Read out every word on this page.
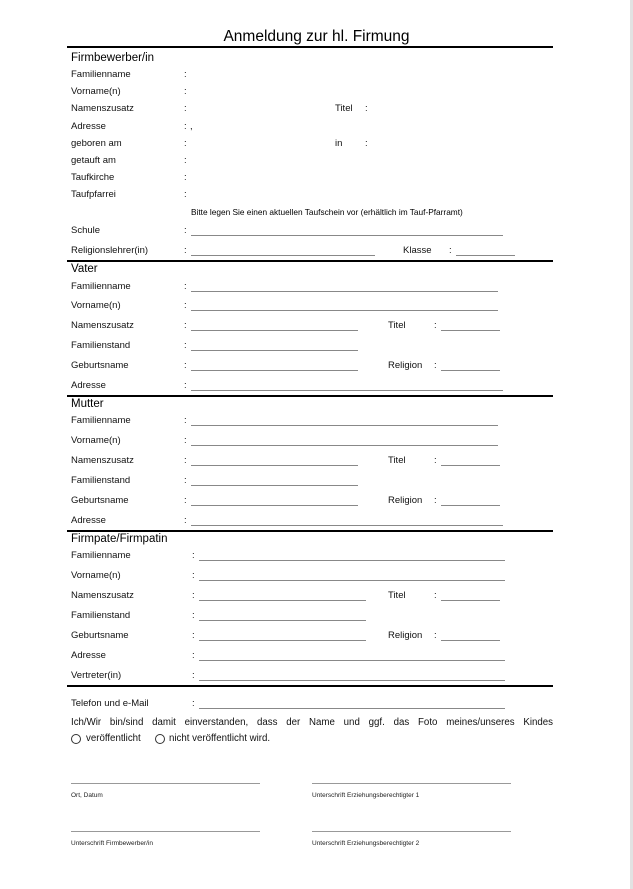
Anmeldung zur hl. Firmung
Firmbewerber/in
Familienname	:
Vorname(n)	:
Namenszusatz	:	Titel :
Adresse	: ,
geboren am	:	in :
getauft am	:
Taufkirche	:
Taufpfarrei	:
Bitte legen Sie einen aktuellen Taufschein vor (erhältlich im Tauf-Pfarramt)
Schule	:
Religionslehrer(in)	:	Klasse :
Vater
Familienname	:
Vorname(n)	:
Namenszusatz	:	Titel	:
Familienstand	:
Geburtsname	:	Religion :
Adresse	:
Mutter
Familienname	:
Vorname(n)	:
Namenszusatz	:	Titel	:
Familienstand	:
Geburtsname	:	Religion :
Adresse	:
Firmpate/Firmpatin
Familienname	:
Vorname(n)	:
Namenszusatz	:	Titel	:
Familienstand	:
Geburtsname	:	Religion :
Adresse	:
Vertreter(in)	:
Telefon und e-Mail	:
Ich/Wir bin/sind damit einverstanden, dass der Name und ggf. das Foto meines/unseres Kindes
veröffentlicht	nicht veröffentlicht wird.
Ort, Datum	Unterschrift Erziehungsberechtigter 1
Unterschrift Firmbewerber/in	Unterschrift Erziehungsberechtigter 2
